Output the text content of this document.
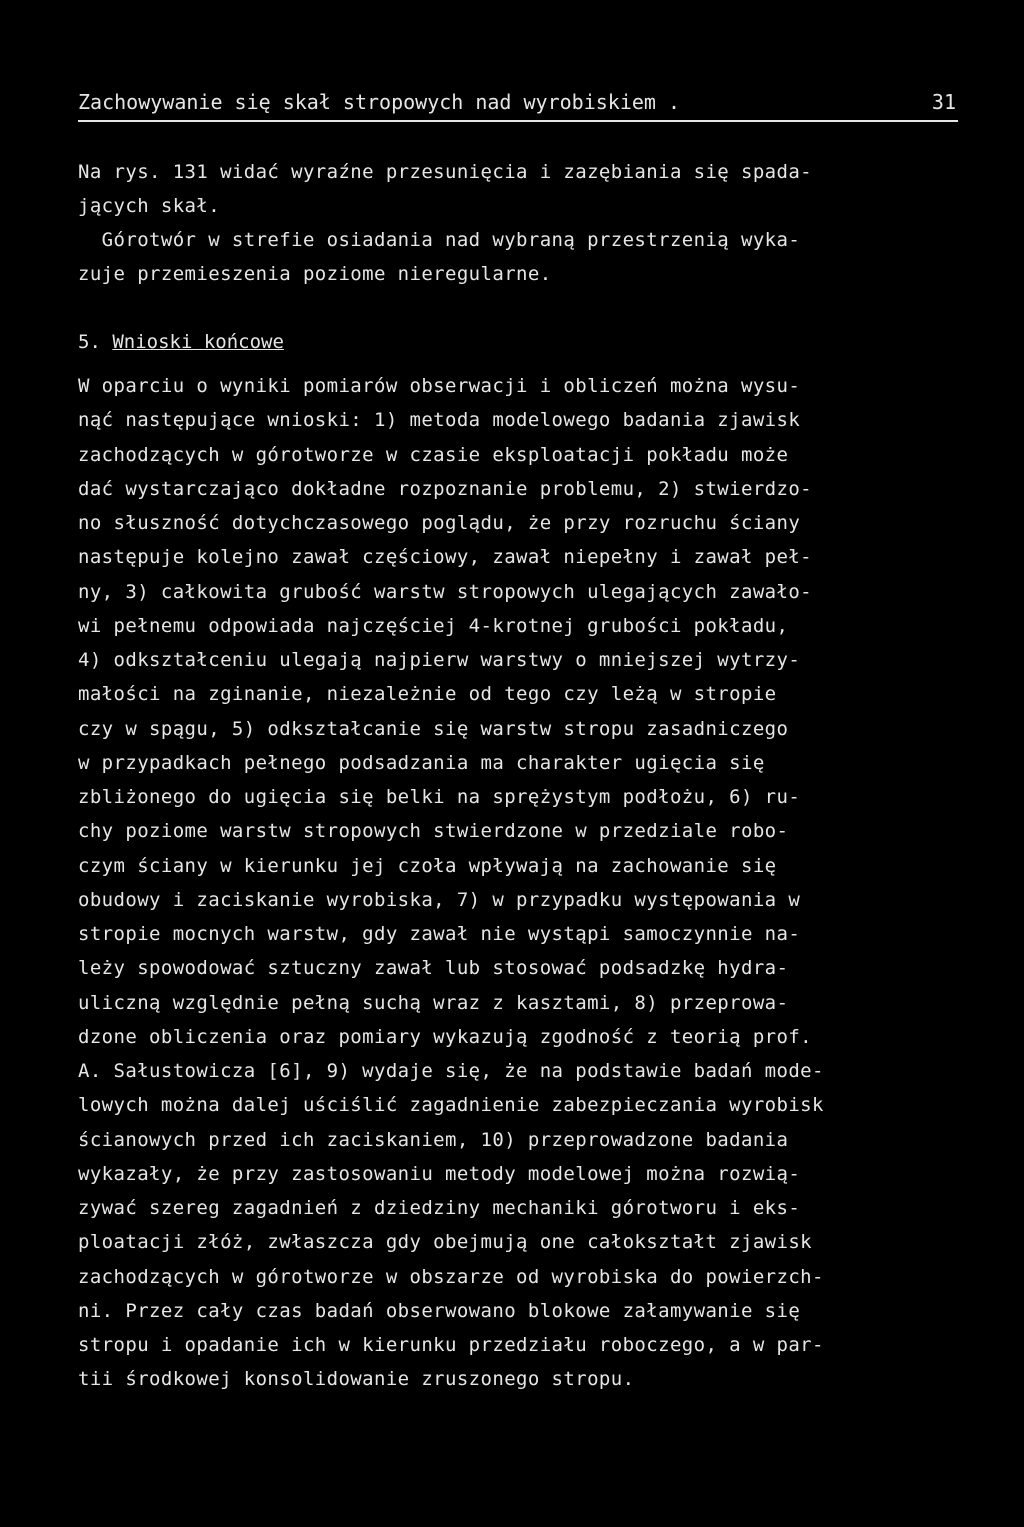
Zachowywanie się skał stropowych nad wyrobiskiem .	31
Na rys. 131 widać wyraźne przesunięcia i zazębiania się spada-
jących skał.
Górotwór w strefie osiadania nad wybraną przestrzenią wyka-
zuje przemieszenia poziome nieregularne.
5. Wnioski końcowe
W oparciu o wyniki pomiarów obserwacji i obliczeń można wysu-
nąć następujące wnioski: 1) metoda modelowego badania zjawisk
zachodzących w górotworze w czasie eksploatacji pokładu może
dać wystarczająco dokładne rozpoznanie problemu, 2) stwierdzo-
no słuszność dotychczasowego poglądu, że przy rozruchu ściany
następuje kolejno zawał częściowy, zawał niepełny i zawał peł-
ny, 3) całkowita grubość warstw stropowych ulegających zawało-
wi pełnemu odpowiada najczęściej 4-krotnej grubości pokładu,
4) odkształceniu ulegają najpierw warstwy o mniejszej wytrzy-
małości na zginanie, niezależnie od tego czy leżą w stropie
czy w spągu, 5) odkształcanie się warstw stropu zasadniczego
w przypadkach pełnego podsadzania ma charakter ugięcia się
zbliżonego do ugięcia się belki na sprężystym podłożu, 6) ru-
chy poziome warstw stropowych stwierdzone w przedziale robo-
czym ściany w kierunku jej czoła wpływają na zachowanie się
obudowy i zaciskanie wyrobiska, 7) w przypadku występowania w
stropie mocnych warstw, gdy zawał nie wystąpi samoczynnie na-
leży spowodować sztuczny zawał lub stosować podsadzkę hydra-
uliczną względnie pełną suchą wraz z kasztami, 8) przeprowa-
dzone obliczenia oraz pomiary wykazują zgodność z teorią prof.
A. Sałustowicza [6], 9) wydaje się, że na podstawie badań mode-
lowych można dalej uściślić zagadnienie zabezpieczania wyrobisk
ścianowych przed ich zaciskaniem, 10) przeprowadzone badania
wykazały, że przy zastosowaniu metody modelowej można rozwią-
zywać szereg zagadnień z dziedziny mechaniki górotworu i eks-
ploatacji złóż, zwłaszcza gdy obejmują one całokształt zjawisk
zachodzących w górotworze w obszarze od wyrobiska do powierzch-
ni. Przez cały czas badań obserwowano blokowe załamywanie się
stropu i opadanie ich w kierunku przedziału roboczego, a w par-
tii środkowej konsolidowanie zruszonego stropu.
